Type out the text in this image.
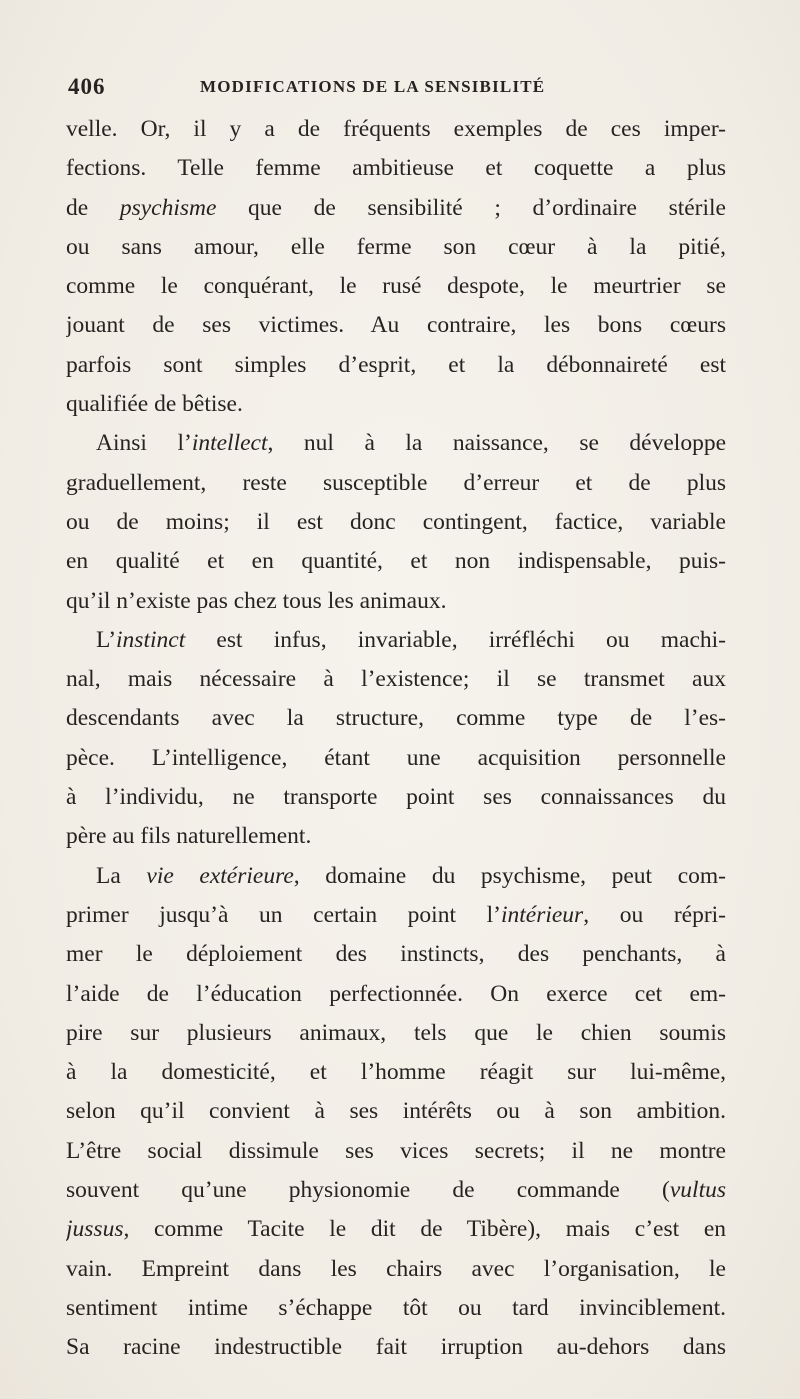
406	MODIFICATIONS DE LA SENSIBILITÉ
velle. Or, il y a de fréquents exemples de ces imper-
fections. Telle femme ambitieuse et coquette a plus
de psychisme que de sensibilité ; d’ordinaire stérile
ou sans amour, elle ferme son cœur à la pitié,
comme le conquérant, le rusé despote, le meurtrier se
jouant de ses victimes. Au contraire, les bons cœurs
parfois sont simples d’esprit, et la débonnaireté est
qualifiée de bêtise.
Ainsi l’intellect, nul à la naissance, se développe
graduellement, reste susceptible d’erreur et de plus
ou de moins; il est donc contingent, factice, variable
en qualité et en quantité, et non indispensable, puis-
qu’il n’existe pas chez tous les animaux.
L’instinct est infus, invariable, irréfléchi ou machi-
nal, mais nécessaire à l’existence; il se transmet aux
descendants avec la structure, comme type de l’es-
pèce. L’intelligence, étant une acquisition personnelle
à l’individu, ne transporte point ses connaissances du
père au fils naturellement.
La vie extérieure, domaine du psychisme, peut com-
primer jusqu’à un certain point l’intérieur, ou répri-
mer le déploiement des instincts, des penchants, à
l’aide de l’éducation perfectionnée. On exerce cet em-
pire sur plusieurs animaux, tels que le chien soumis
à la domesticité, et l’homme réagit sur lui-même,
selon qu’il convient à ses intérêts ou à son ambition.
L’être social dissimule ses vices secrets; il ne montre
souvent qu’une physionomie de commande (vultus
jussus, comme Tacite le dit de Tibère), mais c’est en
vain. Empreint dans les chairs avec l’organisation, le
sentiment intime s’échappe tôt ou tard invinciblement.
Sa racine indestructible fait irruption au-dehors dans
